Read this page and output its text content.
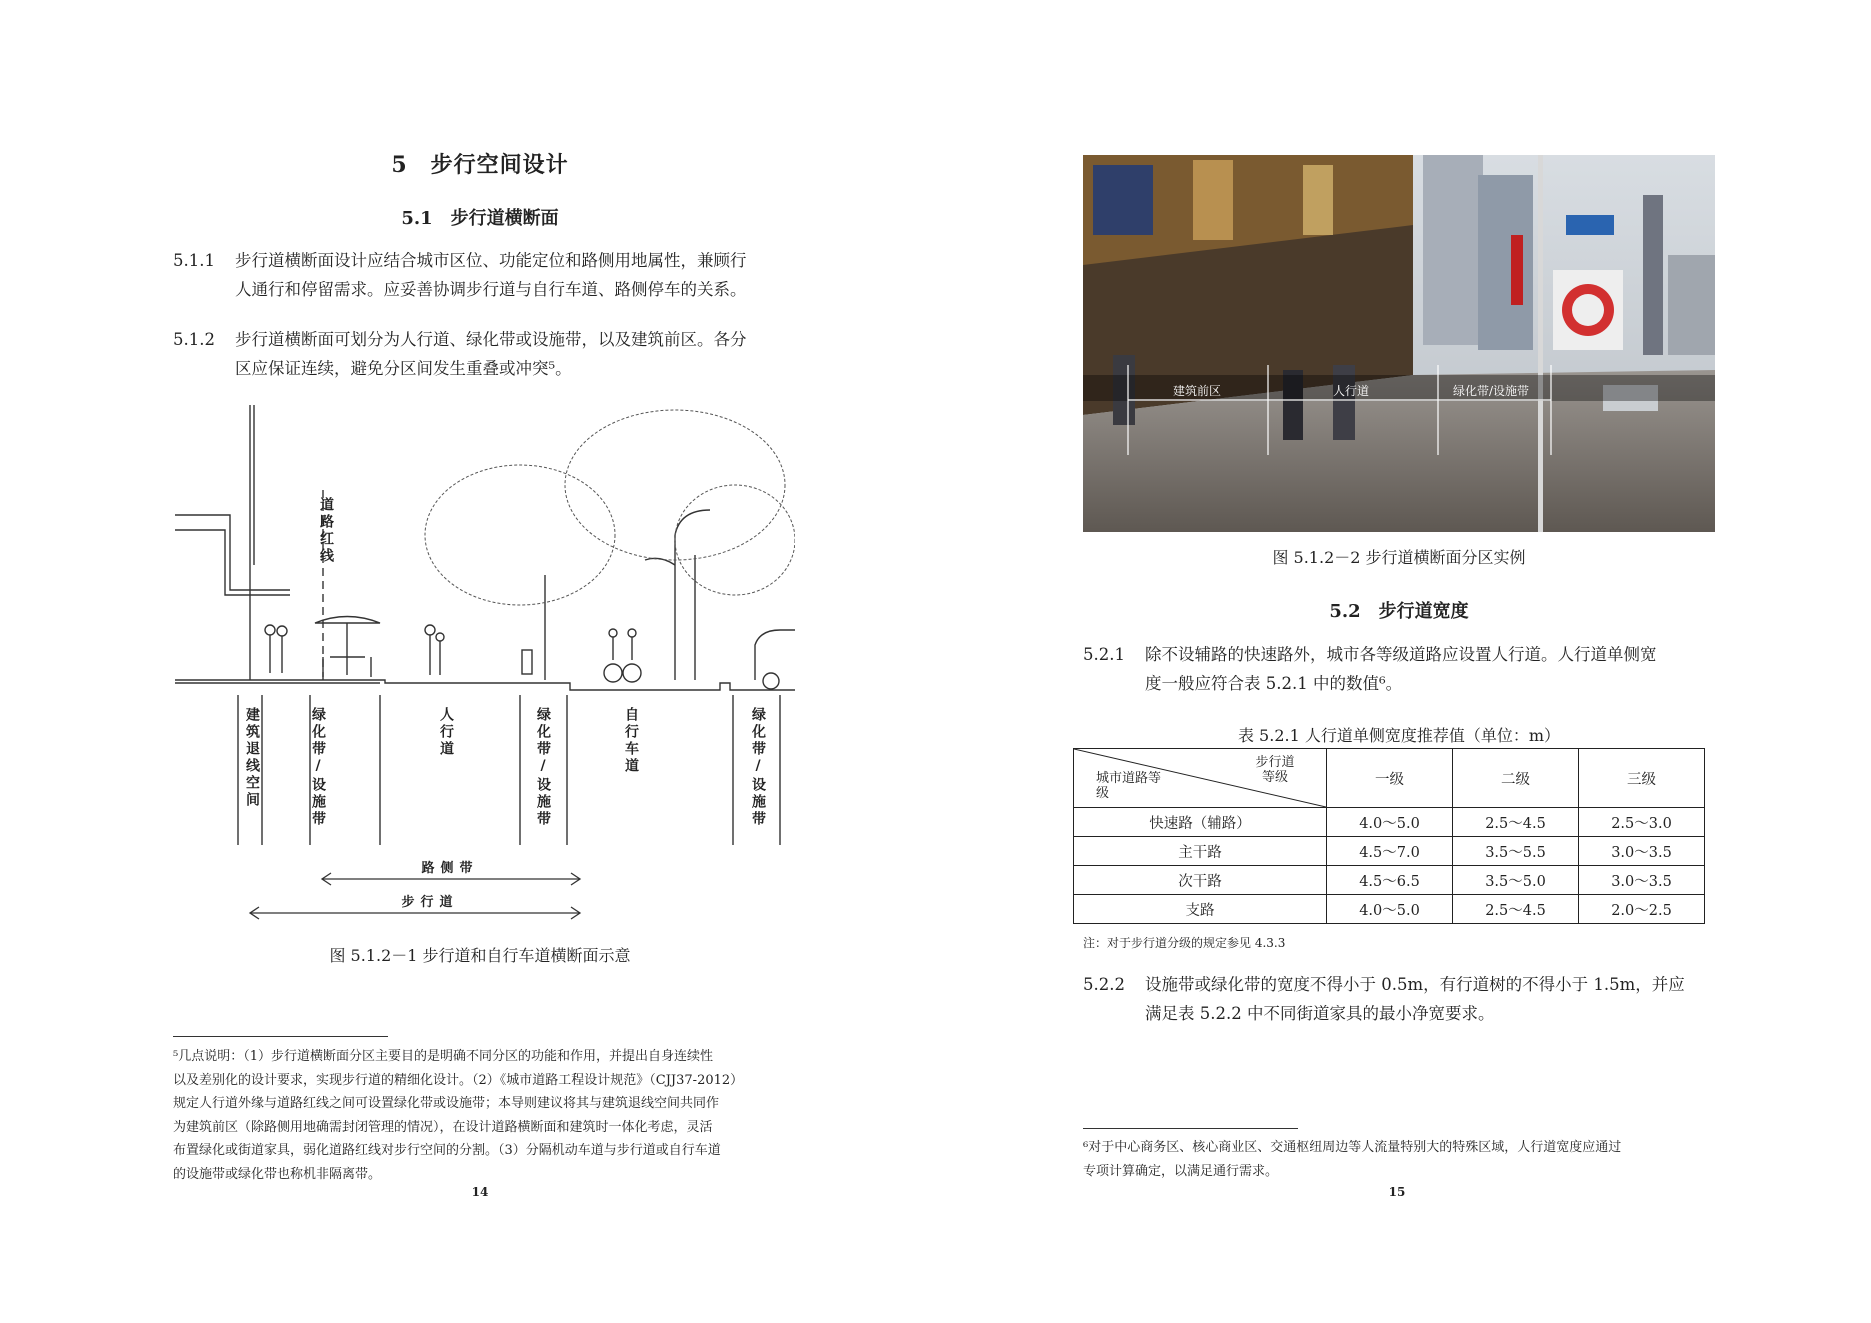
5　步行空间设计
5.1　步行道横断面
5.1.1 步行道横断面设计应结合城市区位、功能定位和路侧用地属性，兼顾行
人通行和停留需求。应妥善协调步行道与自行车道、路侧停车的关系。
5.1.2 步行道横断面可划分为人行道、绿化带或设施带，以及建筑前区。各分
区应保证连续，避免分区间发生重叠或冲突⁵。
道路红线
建筑退线空间	绿化带/设施带	人行道	绿化带/设施带	自行车道	绿化带/设施带
路侧带
步行道
图 5.1.2－1 步行道和自行车道横断面示意
⁵几点说明：（1）步行道横断面分区主要目的是明确不同分区的功能和作用，并提出自身连续性
以及差别化的设计要求，实现步行道的精细化设计。（2）《城市道路工程设计规范》（CJJ37-2012）
规定人行道外缘与道路红线之间可设置绿化带或设施带；本导则建议将其与建筑退线空间共同作
为建筑前区（除路侧用地确需封闭管理的情况），在设计道路横断面和建筑时一体化考虑，灵活
布置绿化或街道家具，弱化道路红线对步行空间的分割。（3）分隔机动车道与步行道或自行车道
的设施带或绿化带也称机非隔离带。
14
建筑前区	人行道	绿化带/设施带
图 5.1.2－2 步行道横断面分区实例
5.2　步行道宽度
5.2.1 除不设辅路的快速路外，城市各等级道路应设置人行道。人行道单侧宽
度一般应符合表 5.2.1 中的数值⁶。
表 5.2.1 人行道单侧宽度推荐值（单位：m）
步行道等级
城市道路等级	一级	二级	三级
快速路（辅路）	4.0～5.0	2.5～4.5	2.5～3.0
主干路	4.5～7.0	3.5～5.5	3.0～3.5
次干路	4.5～6.5	3.5～5.0	3.0～3.5
支路	4.0～5.0	2.5～4.5	2.0～2.5
注：对于步行道分级的规定参见 4.3.3
5.2.2 设施带或绿化带的宽度不得小于 0.5m，有行道树的不得小于 1.5m，并应
满足表 5.2.2 中不同街道家具的最小净宽要求。
⁶对于中心商务区、核心商业区、交通枢纽周边等人流量特别大的特殊区域，人行道宽度应通过
专项计算确定，以满足通行需求。
15
